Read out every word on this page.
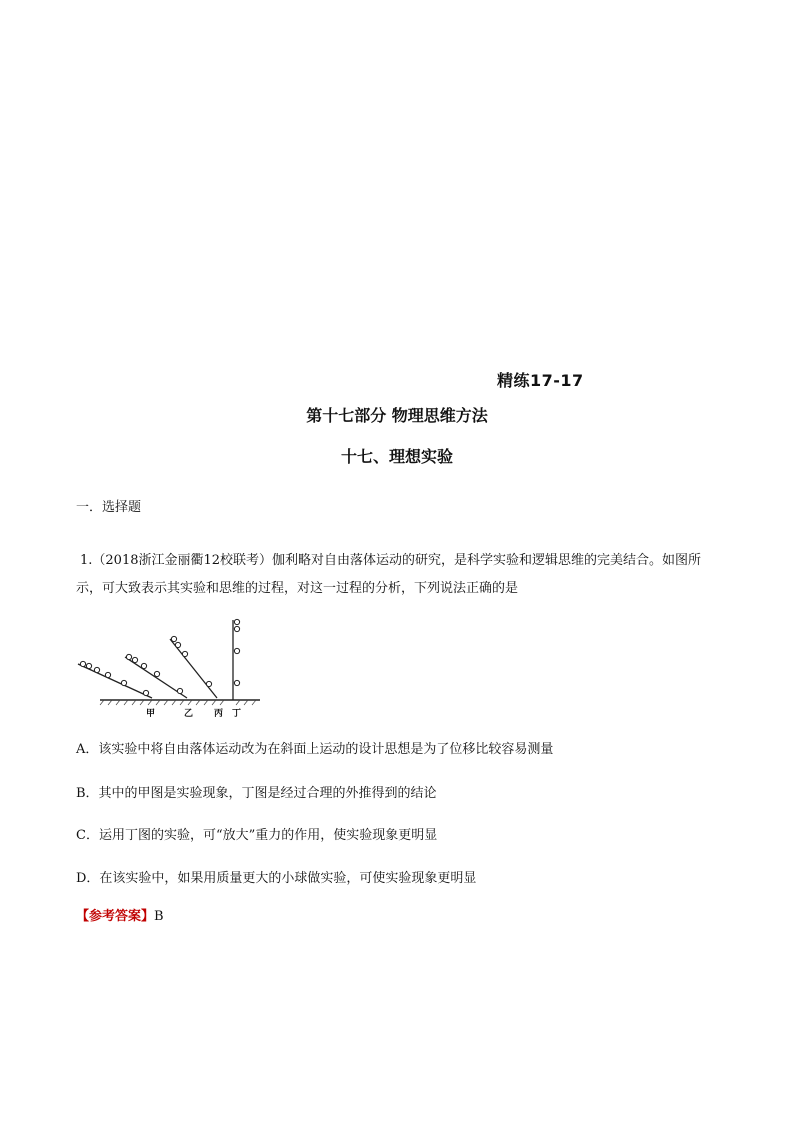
精练17-17
第十七部分 物理思维方法
十七、理想实验
一．选择题
1.（2018浙江金丽衢12校联考）伽利略对自由落体运动的研究，是科学实验和逻辑思维的完美结合。如图所示，可大致表示其实验和思维的过程，对这一过程的分析，下列说法正确的是
甲	乙 丙 丁
A．该实验中将自由落体运动改为在斜面上运动的设计思想是为了位移比较容易测量
B．其中的甲图是实验现象，丁图是经过合理的外推得到的结论
C．运用丁图的实验，可“放大”重力的作用，使实验现象更明显
D．在该实验中，如果用质量更大的小球做实验，可使实验现象更明显
【参考答案】B
